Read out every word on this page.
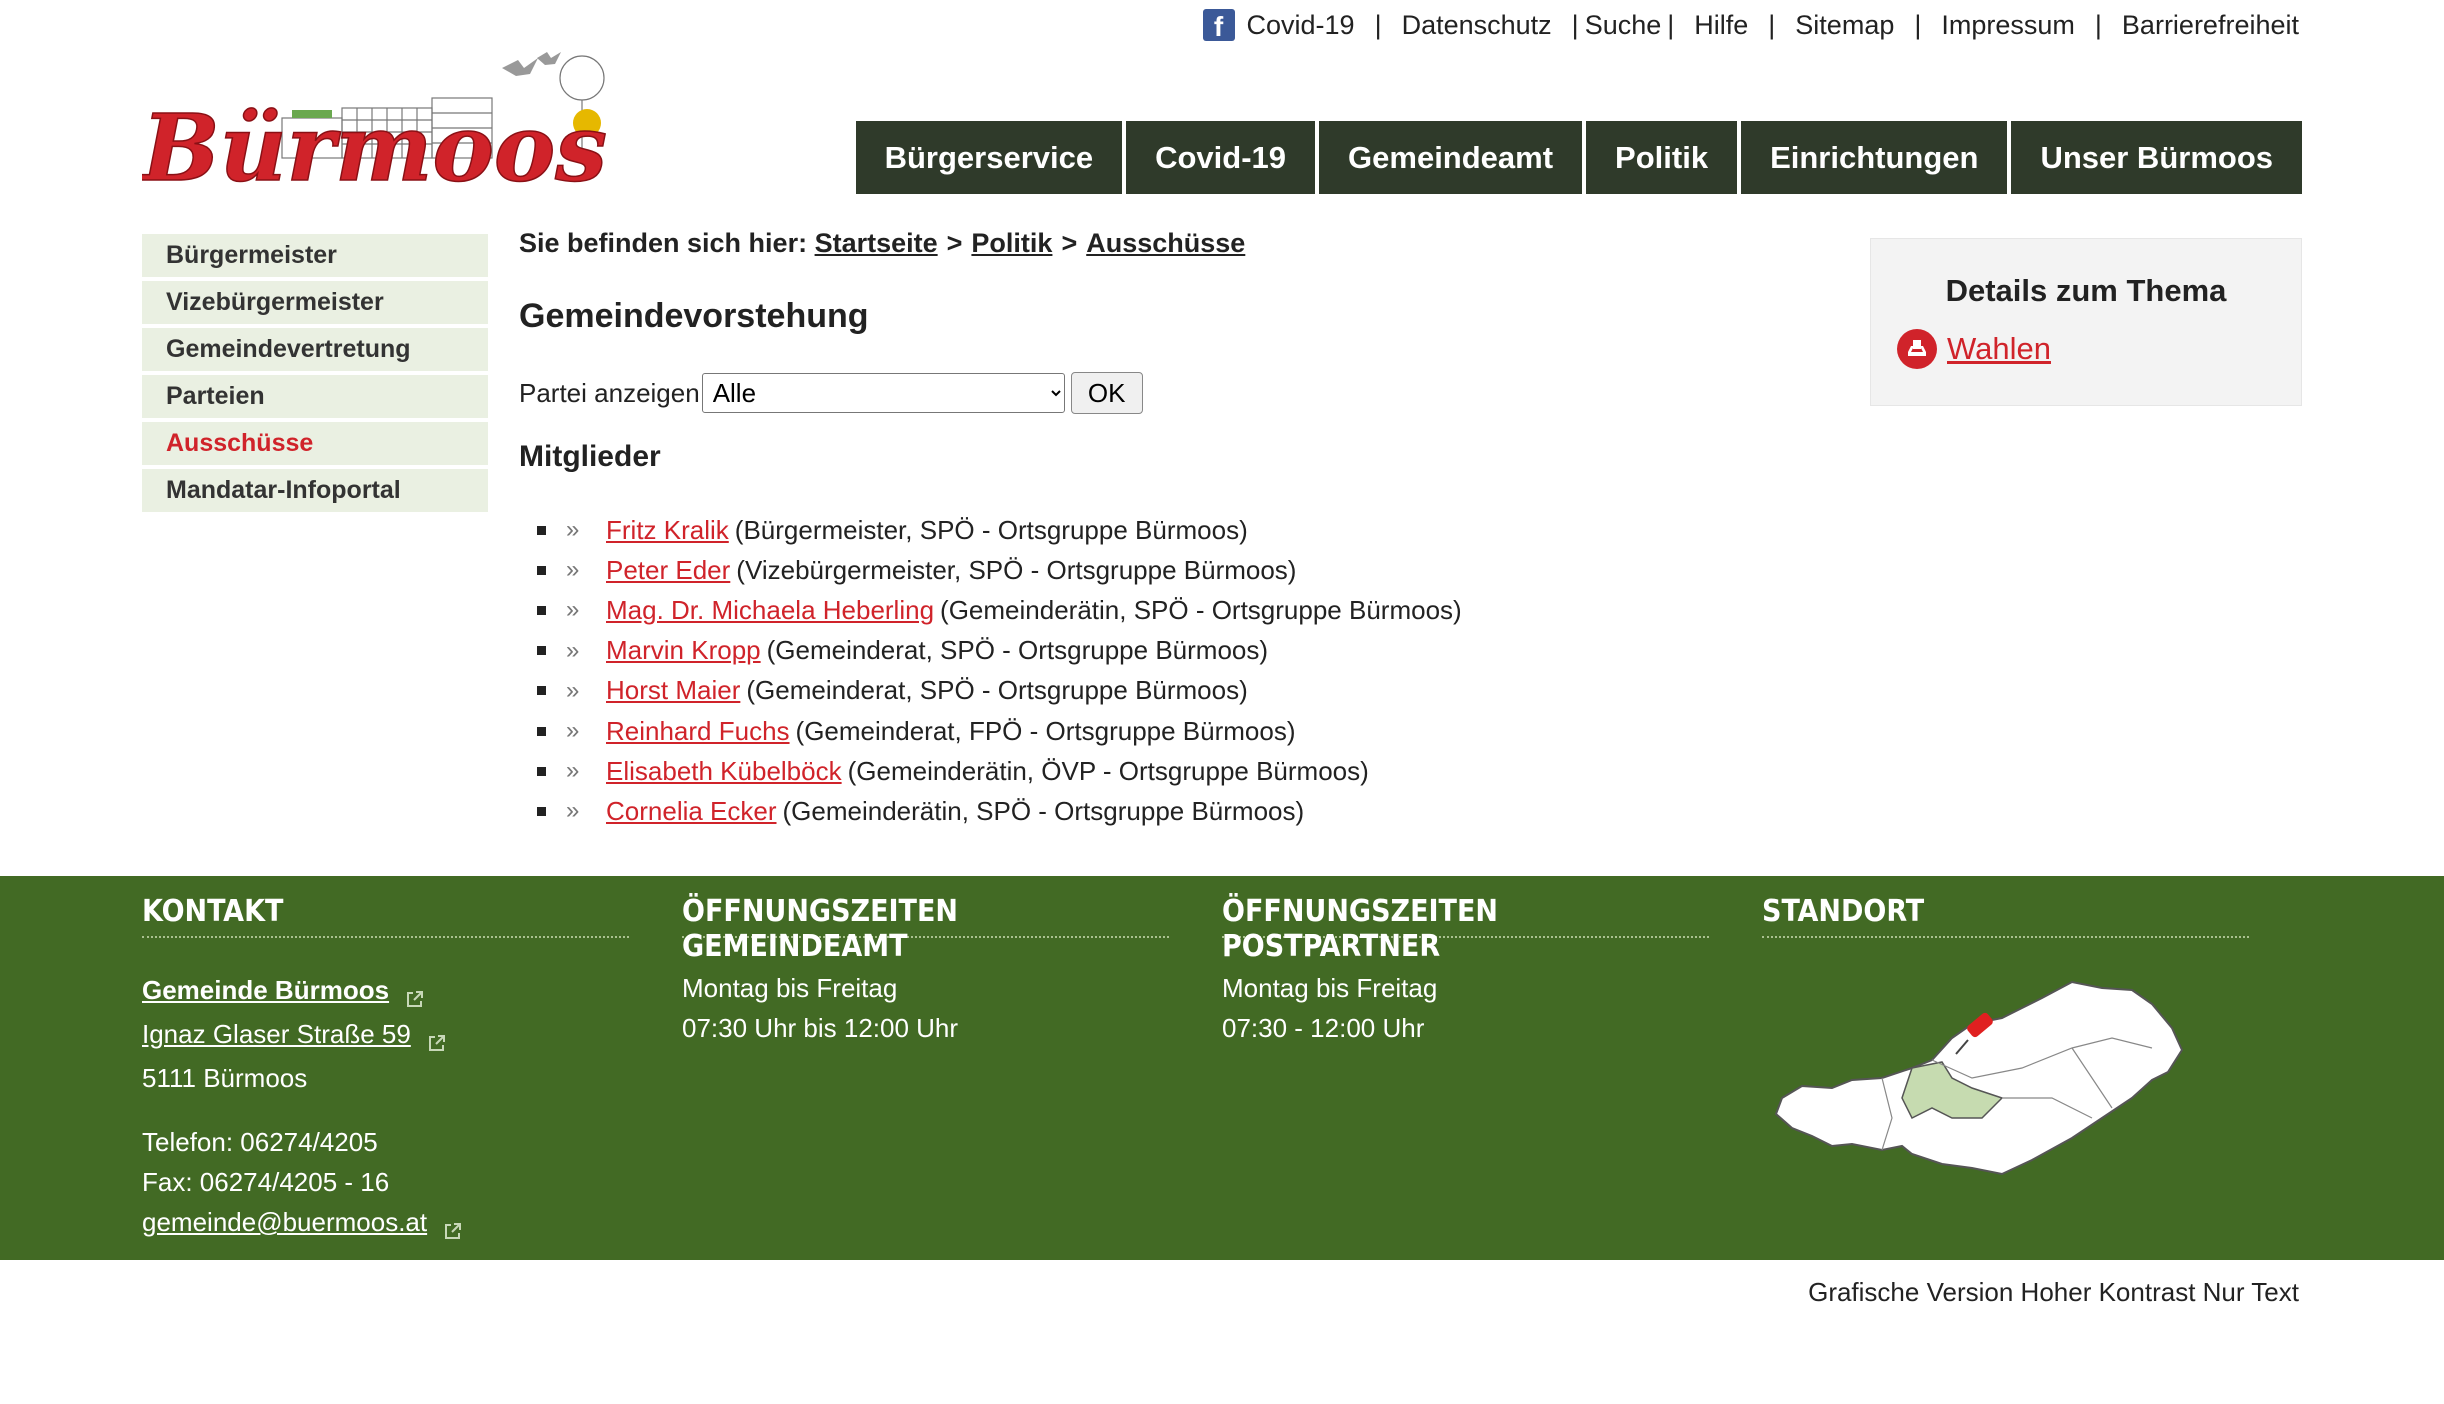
f Covid-19 | Datenschutz | Suche | Hilfe | Sitemap | Impressum | Barrierefreiheit
Bürmoos	Bürgerservice	Covid-19	Gemeindeamt	Politik	Einrichtungen	Unser Bürmoos
Bürgermeister
Vizebürgermeister
Gemeindevertretung
Parteien
Ausschüsse
Mandatar-Infoportal
Sie befinden sich hier:
Startseite > Politik > Ausschüsse
Gemeindevorstehung
Partei anzeigen
Alle	OK
Mitglieder
»	Fritz Kralik (Bürgermeister, SPÖ - Ortsgruppe Bürmoos)
»	Peter Eder (Vizebürgermeister, SPÖ - Ortsgruppe Bürmoos)
»	Mag. Dr. Michaela Heberling (Gemeinderätin, SPÖ - Ortsgruppe Bürmoos)
»	Marvin Kropp (Gemeinderat, SPÖ - Ortsgruppe Bürmoos)
»	Horst Maier (Gemeinderat, SPÖ - Ortsgruppe Bürmoos)
»	Reinhard Fuchs (Gemeinderat, FPÖ - Ortsgruppe Bürmoos)
»	Elisabeth Kübelböck (Gemeinderätin, ÖVP - Ortsgruppe Bürmoos)
»	Cornelia Ecker (Gemeinderätin, SPÖ - Ortsgruppe Bürmoos)
Details zum Thema
Wahlen
KONTAKT
Gemeinde Bürmoos
Ignaz Glaser Straße 59
5111 Bürmoos
Telefon: 06274/4205
Fax: 06274/4205 - 16
gemeinde@buermoos.at
ÖFFNUNGSZEITEN GEMEINDEAMT
Montag bis Freitag
07:30 Uhr bis 12:00 Uhr
ÖFFNUNGSZEITEN POSTPARTNER
Montag bis Freitag
07:30 - 12:00 Uhr
STANDORT
Grafische Version Hoher Kontrast Nur Text
